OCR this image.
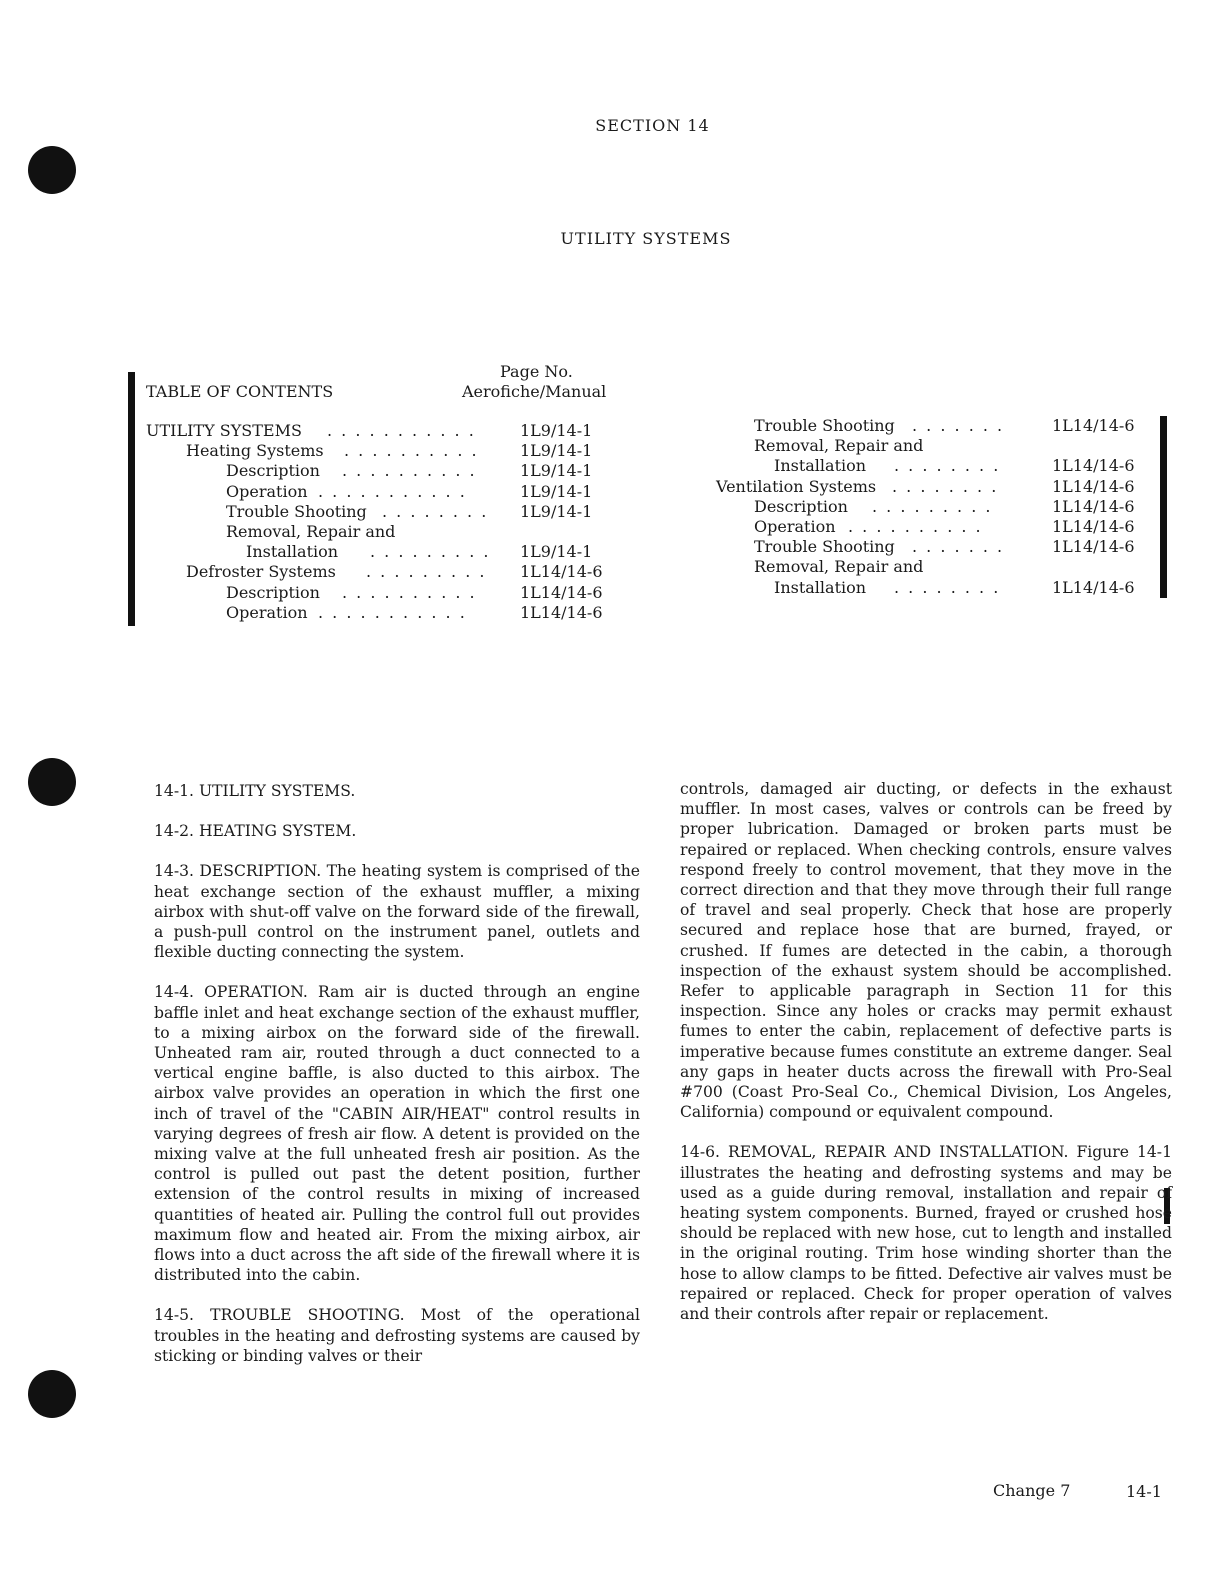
SECTION 14
UTILITY SYSTEMS
TABLE OF CONTENTS
Page No.
Aerofiche/Manual
UTILITY SYSTEMS . . . . . . . . . . .	1L9/14-1
Heating Systems . . . . . . . . . .	1L9/14-1
Description . . . . . . . . . .	1L9/14-1
Operation . . . . . . . . . . .	1L9/14-1
Trouble Shooting . . . . . . . . 1L9/14-1
Removal, Repair and
Installation . . . . . . . . . 1L9/14-1
Defroster Systems . . . . . . . . . 1L14/14-6
Description . . . . . . . . . .	1L14/14-6
Operation . . . . . . . . . . .	1L14/14-6
Trouble Shooting . . . . . . .	1L14/14-6
Removal, Repair and
Installation . . . . . . . .	1L14/14-6
Ventilation Systems . . . . . . . .	1L14/14-6
Description . . . . . . . . .	1L14/14-6
Operation . . . . . . . . . .	1L14/14-6
Trouble Shooting . . . . . . .	1L14/14-6
Removal, Repair and
Installation . . . . . . . .	1L14/14-6

14-1. UTILITY SYSTEMS.

14-2. HEATING SYSTEM.

14-3. DESCRIPTION. The heating system is comprised of the heat exchange section of the exhaust muffler, a mixing airbox with shut-off valve on the forward side of the firewall, a push-pull control on the instrument panel, outlets and flexible ducting connecting the system.

14-4. OPERATION. Ram air is ducted through an engine baffle inlet and heat exchange section of the exhaust muffler, to a mixing airbox on the forward side of the firewall. Unheated ram air, routed through a duct connected to a vertical engine baffle, is also ducted to this airbox. The airbox valve provides an operation in which the first one inch of travel of the "CABIN AIR/HEAT" control results in varying degrees of fresh air flow. A detent is provided on the mixing valve at the full unheated fresh air position. As the control is pulled out past the detent position, further extension of the control results in mixing of increased quantities of heated air. Pulling the control full out provides maximum flow and heated air. From the mixing airbox, air flows into a duct across the aft side of the firewall where it is distributed into the cabin.

14-5. TROUBLE SHOOTING. Most of the operational troubles in the heating and defrosting systems are caused by sticking or binding valves or their

controls, damaged air ducting, or defects in the exhaust muffler. In most cases, valves or controls can be freed by proper lubrication. Damaged or broken parts must be repaired or replaced. When checking controls, ensure valves respond freely to control movement, that they move in the correct direction and that they move through their full range of travel and seal properly. Check that hose are properly secured and replace hose that are burned, frayed, or crushed. If fumes are detected in the cabin, a thorough inspection of the exhaust system should be accomplished. Refer to applicable paragraph in Section 11 for this inspection. Since any holes or cracks may permit exhaust fumes to enter the cabin, replacement of defective parts is imperative because fumes constitute an extreme danger. Seal any gaps in heater ducts across the firewall with Pro-Seal #700 (Coast Pro-Seal Co., Chemical Division, Los Angeles, California) compound or equivalent compound.

14-6. REMOVAL, REPAIR AND INSTALLATION. Figure 14-1 illustrates the heating and defrosting systems and may be used as a guide during removal, installation and repair of heating system components. Burned, frayed or crushed hose should be replaced with new hose, cut to length and installed in the original routing. Trim hose winding shorter than the hose to allow clamps to be fitted. Defective air valves must be repaired or replaced. Check for proper operation of valves and their controls after repair or replacement.

Change 7	14-1
